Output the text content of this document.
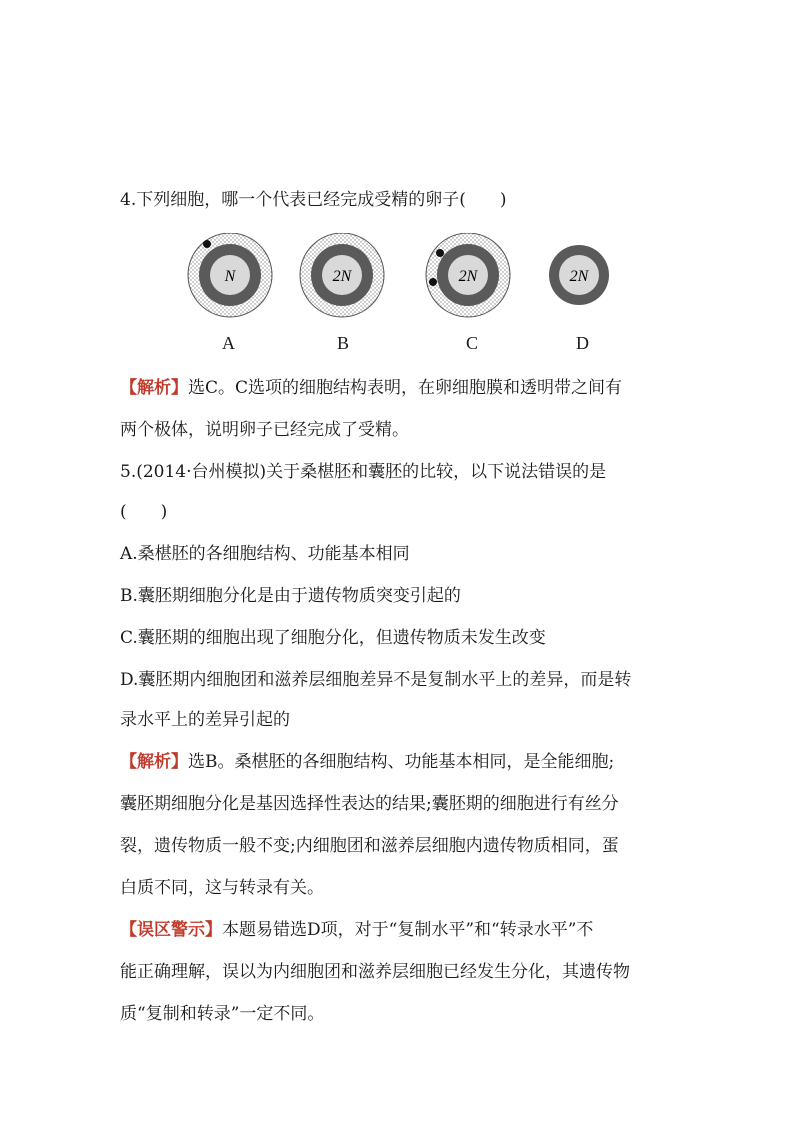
4.下列细胞，哪一个代表已经完成受精的卵子(　　)
N	2N	2N	2N
A	B	C	D
【解析】选C。C选项的细胞结构表明，在卵细胞膜和透明带之间有
两个极体，说明卵子已经完成了受精。
5.(2014·台州模拟)关于桑椹胚和囊胚的比较，以下说法错误的是
(　　)
A.桑椹胚的各细胞结构、功能基本相同
B.囊胚期细胞分化是由于遗传物质突变引起的
C.囊胚期的细胞出现了细胞分化，但遗传物质未发生改变
D.囊胚期内细胞团和滋养层细胞差异不是复制水平上的差异，而是转
录水平上的差异引起的
【解析】选B。桑椹胚的各细胞结构、功能基本相同，是全能细胞;
囊胚期细胞分化是基因选择性表达的结果;囊胚期的细胞进行有丝分
裂，遗传物质一般不变;内细胞团和滋养层细胞内遗传物质相同，蛋
白质不同，这与转录有关。
【误区警示】本题易错选D项，对于“复制水平”和“转录水平”不
能正确理解，误以为内细胞团和滋养层细胞已经发生分化，其遗传物
质“复制和转录”一定不同。
